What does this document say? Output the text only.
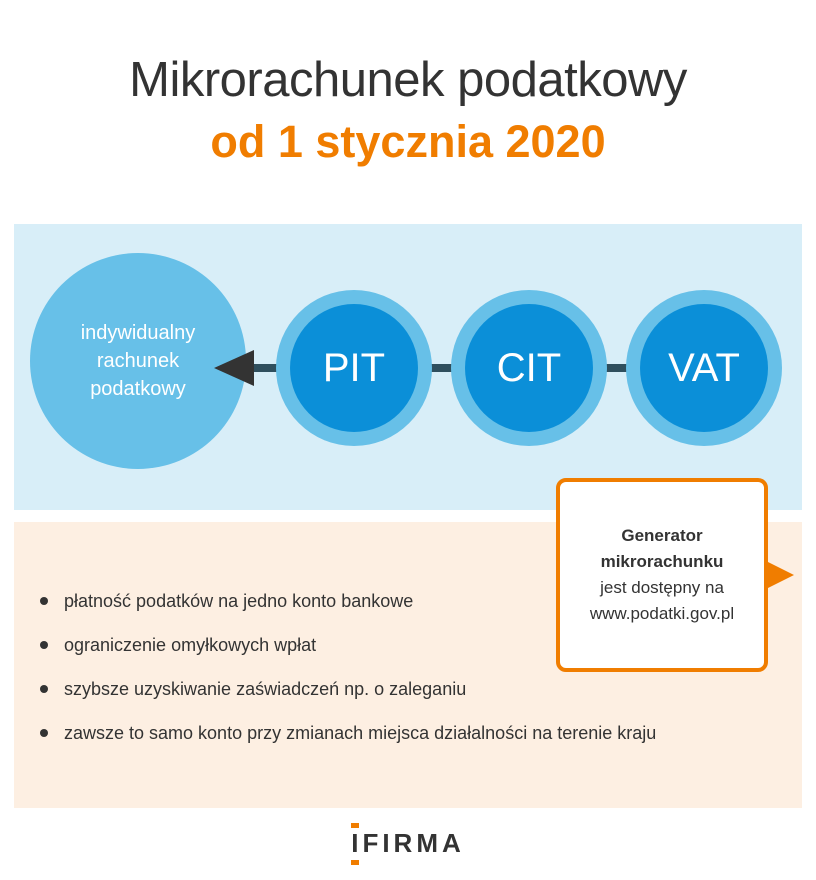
Mikrorachunek podatkowy
od 1 stycznia 2020
indywidualny rachunek podatkowy	PIT	CIT	VAT
płatność podatków na jedno konto bankowe
ograniczenie omyłkowych wpłat
szybsze uzyskiwanie zaświadczeń np. o zaleganiu
zawsze to samo konto przy zmianach miejsca działalności na terenie kraju
Generator
mikrorachunku
jest dostępny na
www.podatki.gov.pl
IFIRMA
